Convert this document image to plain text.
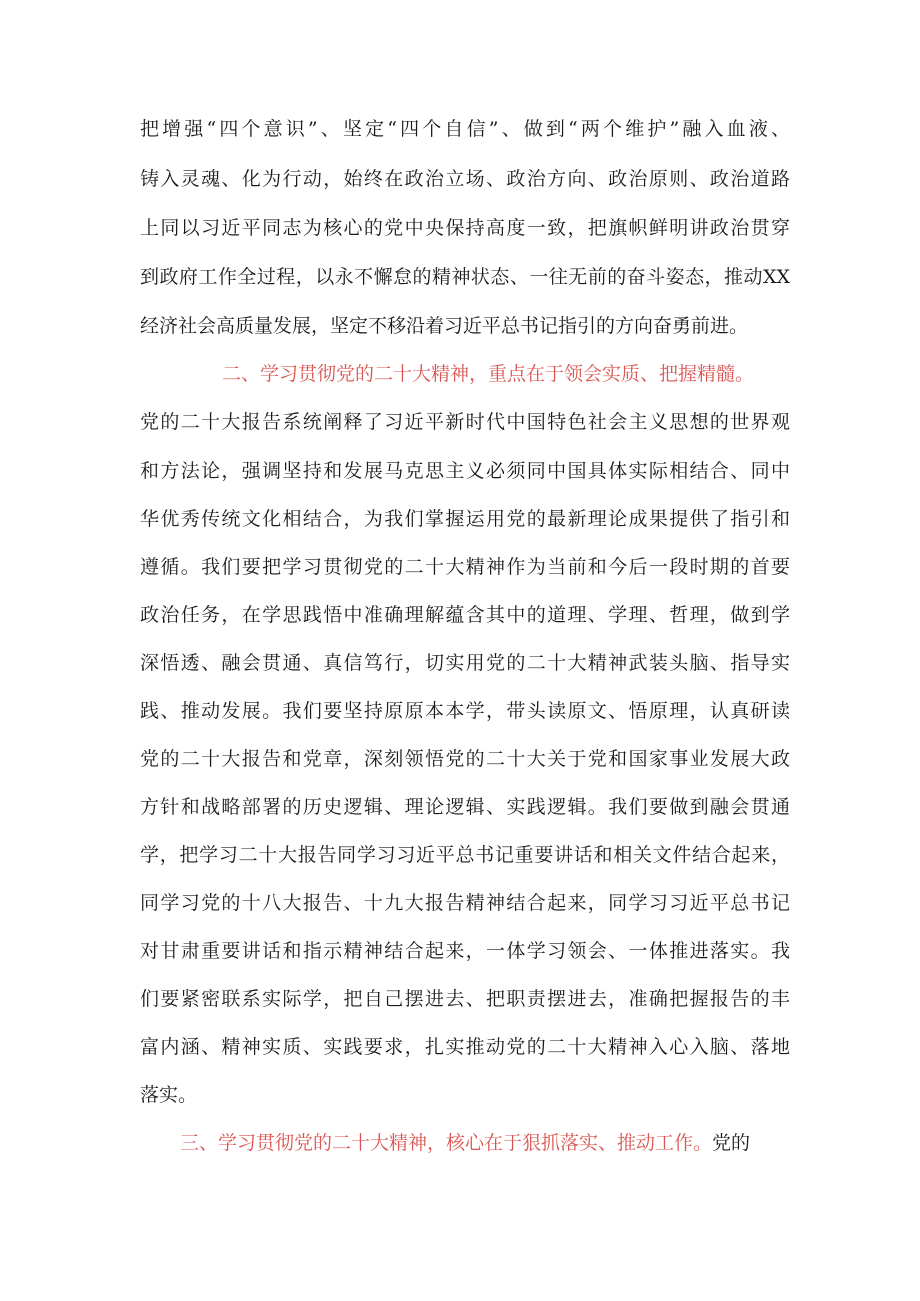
把增强“四个意识”、坚定“四个自信”、做到“两个维护”融入血液、
铸入灵魂、化为行动，始终在政治立场、政治方向、政治原则、政治道路
上同以习近平同志为核心的党中央保持高度一致，把旗帜鲜明讲政治贯穿
到政府工作全过程，以永不懈怠的精神状态、一往无前的奋斗姿态，推动XX
经济社会高质量发展，坚定不移沿着习近平总书记指引的方向奋勇前进。
二、学习贯彻党的二十大精神，重点在于领会实质、把握精髓。
党的二十大报告系统阐释了习近平新时代中国特色社会主义思想的世界观
和方法论，强调坚持和发展马克思主义必须同中国具体实际相结合、同中
华优秀传统文化相结合，为我们掌握运用党的最新理论成果提供了指引和
遵循。我们要把学习贯彻党的二十大精神作为当前和今后一段时期的首要
政治任务，在学思践悟中准确理解蕴含其中的道理、学理、哲理，做到学
深悟透、融会贯通、真信笃行，切实用党的二十大精神武装头脑、指导实
践、推动发展。我们要坚持原原本本学，带头读原文、悟原理，认真研读
党的二十大报告和党章，深刻领悟党的二十大关于党和国家事业发展大政
方针和战略部署的历史逻辑、理论逻辑、实践逻辑。我们要做到融会贯通
学，把学习二十大报告同学习习近平总书记重要讲话和相关文件结合起来，
同学习党的十八大报告、十九大报告精神结合起来，同学习习近平总书记
对甘肃重要讲话和指示精神结合起来，一体学习领会、一体推进落实。我
们要紧密联系实际学，把自己摆进去、把职责摆进去，准确把握报告的丰
富内涵、精神实质、实践要求，扎实推动党的二十大精神入心入脑、落地
落实。
三、学习贯彻党的二十大精神，核心在于狠抓落实、推动工作。党的
